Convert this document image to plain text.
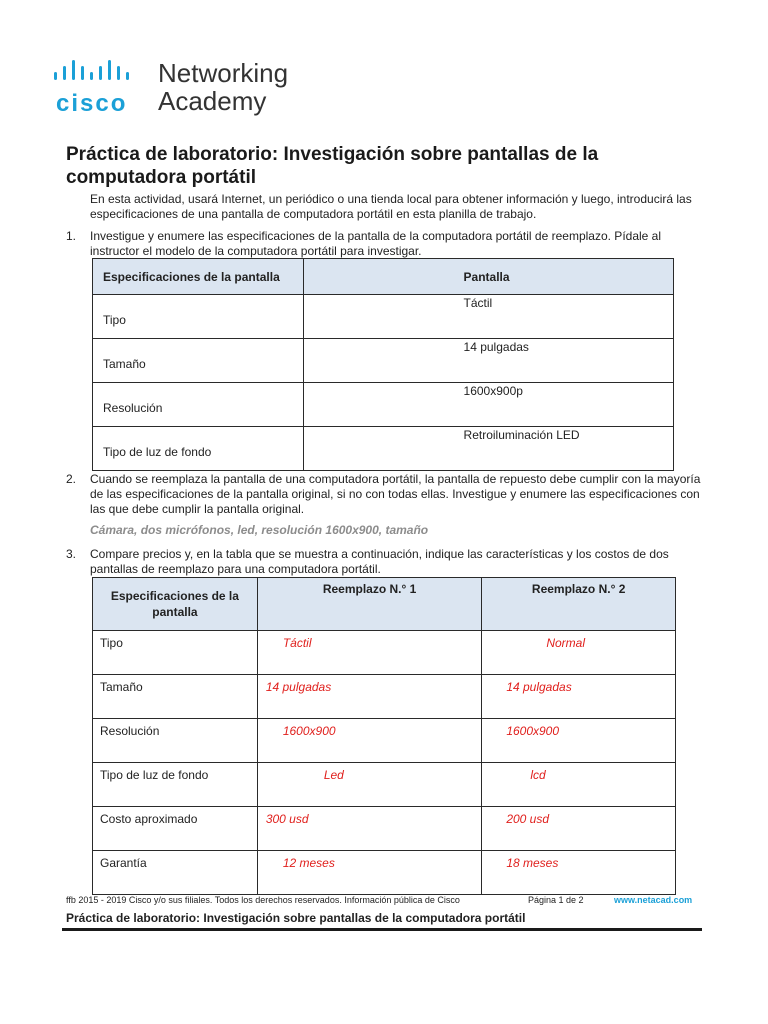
cisco
Networking
Academy
Práctica de laboratorio: Investigación sobre pantallas de la computadora portátil
En esta actividad, usará Internet, un periódico o una tienda local para obtener información y luego, introducirá las especificaciones de una pantalla de computadora portátil en esta planilla de trabajo.
1. Investigue y enumere las especificaciones de la pantalla de la computadora portátil de reemplazo. Pídale al instructor el modelo de la computadora portátil para investigar.
Especificaciones de la pantalla	Pantalla
Tipo	Táctil
Tamaño	14 pulgadas
Resolución	1600x900p
Tipo de luz de fondo	Retroiluminación LED
2. Cuando se reemplaza la pantalla de una computadora portátil, la pantalla de repuesto debe cumplir con la mayoría de las especificaciones de la pantalla original, si no con todas ellas. Investigue y enumere las especificaciones con las que debe cumplir la pantalla original.
Cámara, dos micrófonos, led, resolución 1600x900, tamaño
3. Compare precios y, en la tabla que se muestra a continuación, indique las características y los costos de dos pantallas de reemplazo para una computadora portátil.
Especificaciones de la pantalla	Reemplazo N.° 1	Reemplazo N.° 2
Tipo	Táctil	Normal
Tamaño	14 pulgadas	14 pulgadas
Resolución	1600x900	1600x900
Tipo de luz de fondo	Led	lcd
Costo aproximado	300 usd	200 usd
Garantía	12 meses	18 meses
ffb 2015 - 2019 Cisco y/o sus filiales. Todos los derechos reservados. Información pública de Cisco	Página 1 de 2	www.netacad.com
Práctica de laboratorio: Investigación sobre pantallas de la computadora portátil
